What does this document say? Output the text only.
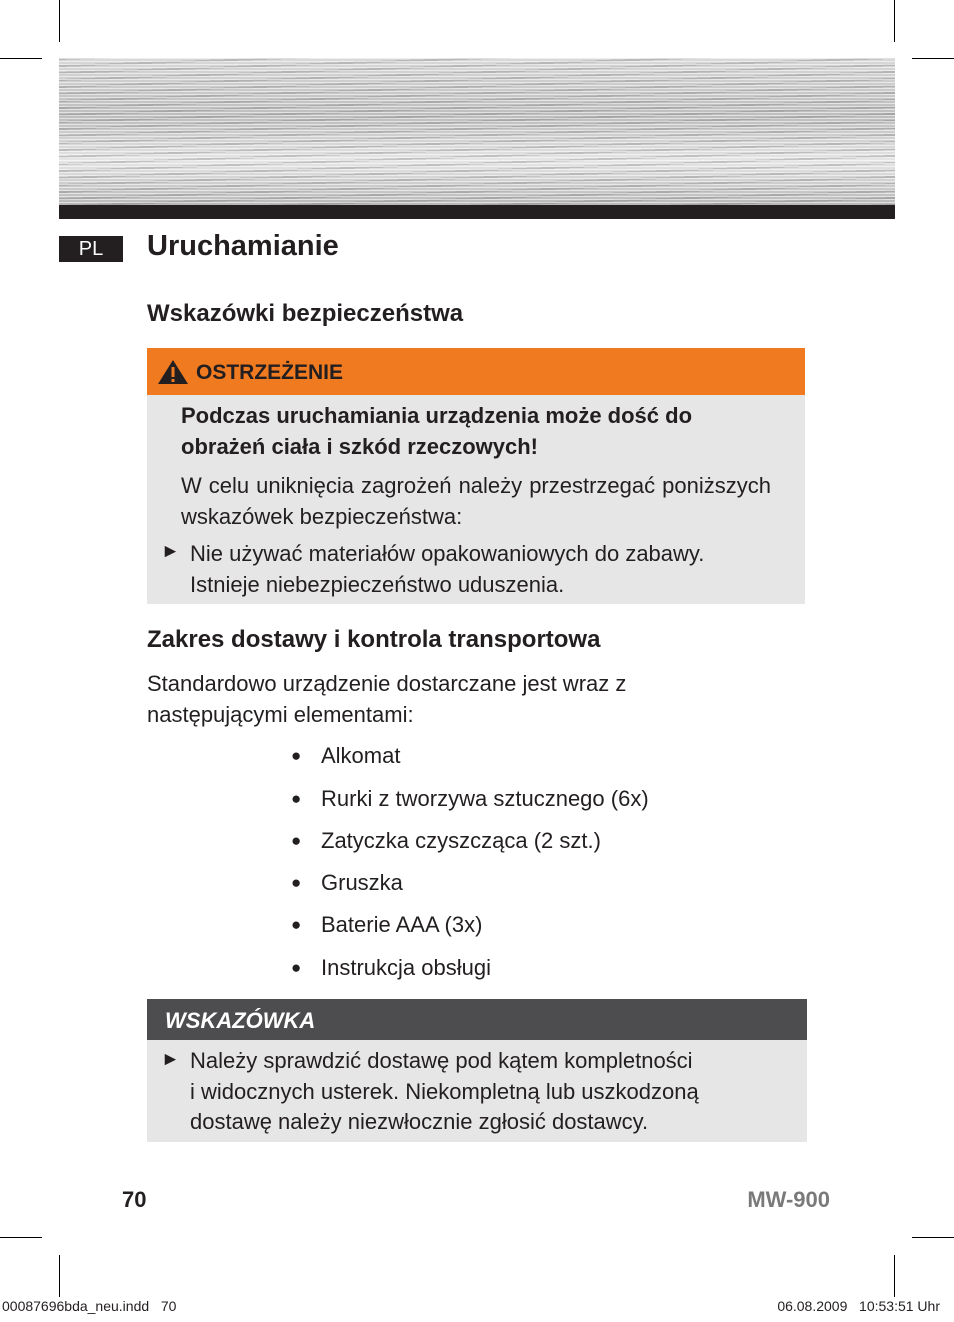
PL	Uruchamianie
Wskazówki bezpieczeństwa
OSTRZEŻENIE
Podczas uruchamiania urządzenia może dość do obrażeń ciała i szkód rzeczowych!
W celu uniknięcia zagrożeń należy przestrzegać poniższych wskazówek bezpieczeństwa:
► Nie używać materiałów opakowaniowych do zabawy.
Istnieje niebezpieczeństwo uduszenia.
Zakres dostawy i kontrola transportowa
Standardowo urządzenie dostarczane jest wraz z następującymi elementami:
● Alkomat
● Rurki z tworzywa sztucznego (6x)
● Zatyczka czyszcząca (2 szt.)
● Gruszka
● Baterie AAA (3x)
● Instrukcja obsługi
WSKAZÓWKA
► Należy sprawdzić dostawę pod kątem kompletności
i widocznych usterek. Niekompletną lub uszkodzoną
dostawę należy niezwłocznie zgłosić dostawcy.
70	MW-900
00087696bda_neu.indd   70	06.08.2009   10:53:51 Uhr
